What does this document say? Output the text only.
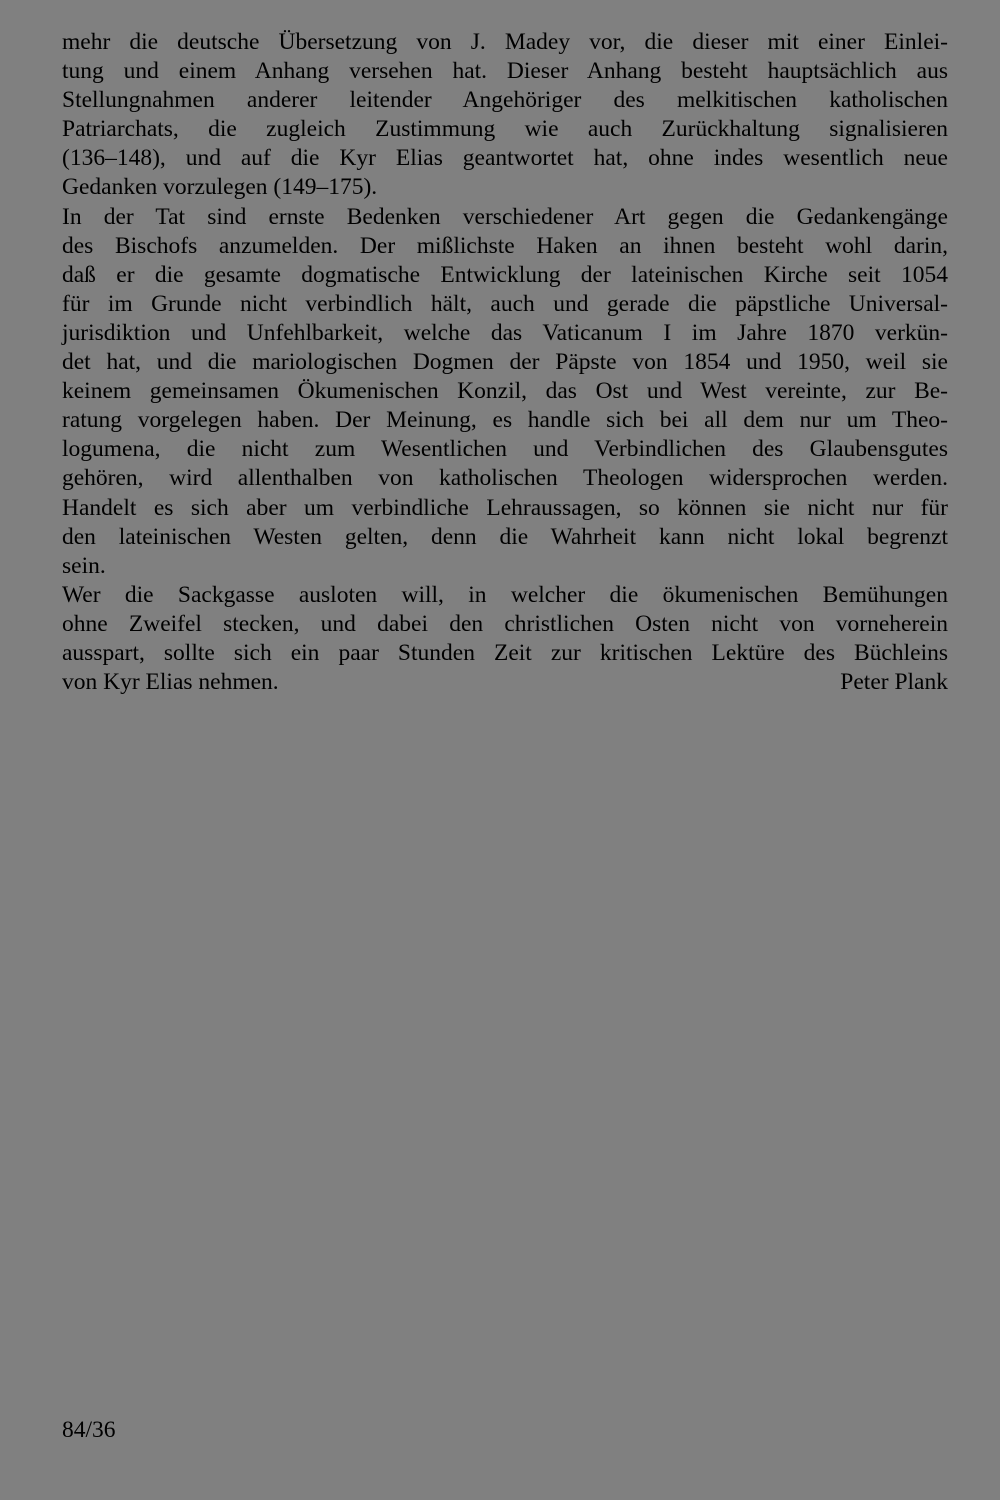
mehr die deutsche Übersetzung von J. Madey vor, die dieser mit einer Einlei-
tung und einem Anhang versehen hat. Dieser Anhang besteht hauptsächlich aus
Stellungnahmen anderer leitender Angehöriger des melkitischen katholischen
Patriarchats, die zugleich Zustimmung wie auch Zurückhaltung signalisieren
(136–148), und auf die Kyr Elias geantwortet hat, ohne indes wesentlich neue
Gedanken vorzulegen (149–175).
In der Tat sind ernste Bedenken verschiedener Art gegen die Gedankengänge
des Bischofs anzumelden. Der mißlichste Haken an ihnen besteht wohl darin,
daß er die gesamte dogmatische Entwicklung der lateinischen Kirche seit 1054
für im Grunde nicht verbindlich hält, auch und gerade die päpstliche Universal-
jurisdiktion und Unfehlbarkeit, welche das Vaticanum I im Jahre 1870 verkün-
det hat, und die mariologischen Dogmen der Päpste von 1854 und 1950, weil sie
keinem gemeinsamen Ökumenischen Konzil, das Ost und West vereinte, zur Be-
ratung vorgelegen haben. Der Meinung, es handle sich bei all dem nur um Theo-
logumena, die nicht zum Wesentlichen und Verbindlichen des Glaubensgutes
gehören, wird allenthalben von katholischen Theologen widersprochen werden.
Handelt es sich aber um verbindliche Lehraussagen, so können sie nicht nur für
den lateinischen Westen gelten, denn die Wahrheit kann nicht lokal begrenzt
sein.
Wer die Sackgasse ausloten will, in welcher die ökumenischen Bemühungen
ohne Zweifel stecken, und dabei den christlichen Osten nicht von vorneherein
ausspart, sollte sich ein paar Stunden Zeit zur kritischen Lektüre des Büchleins
von Kyr Elias nehmen.	Peter Plank
84/36
